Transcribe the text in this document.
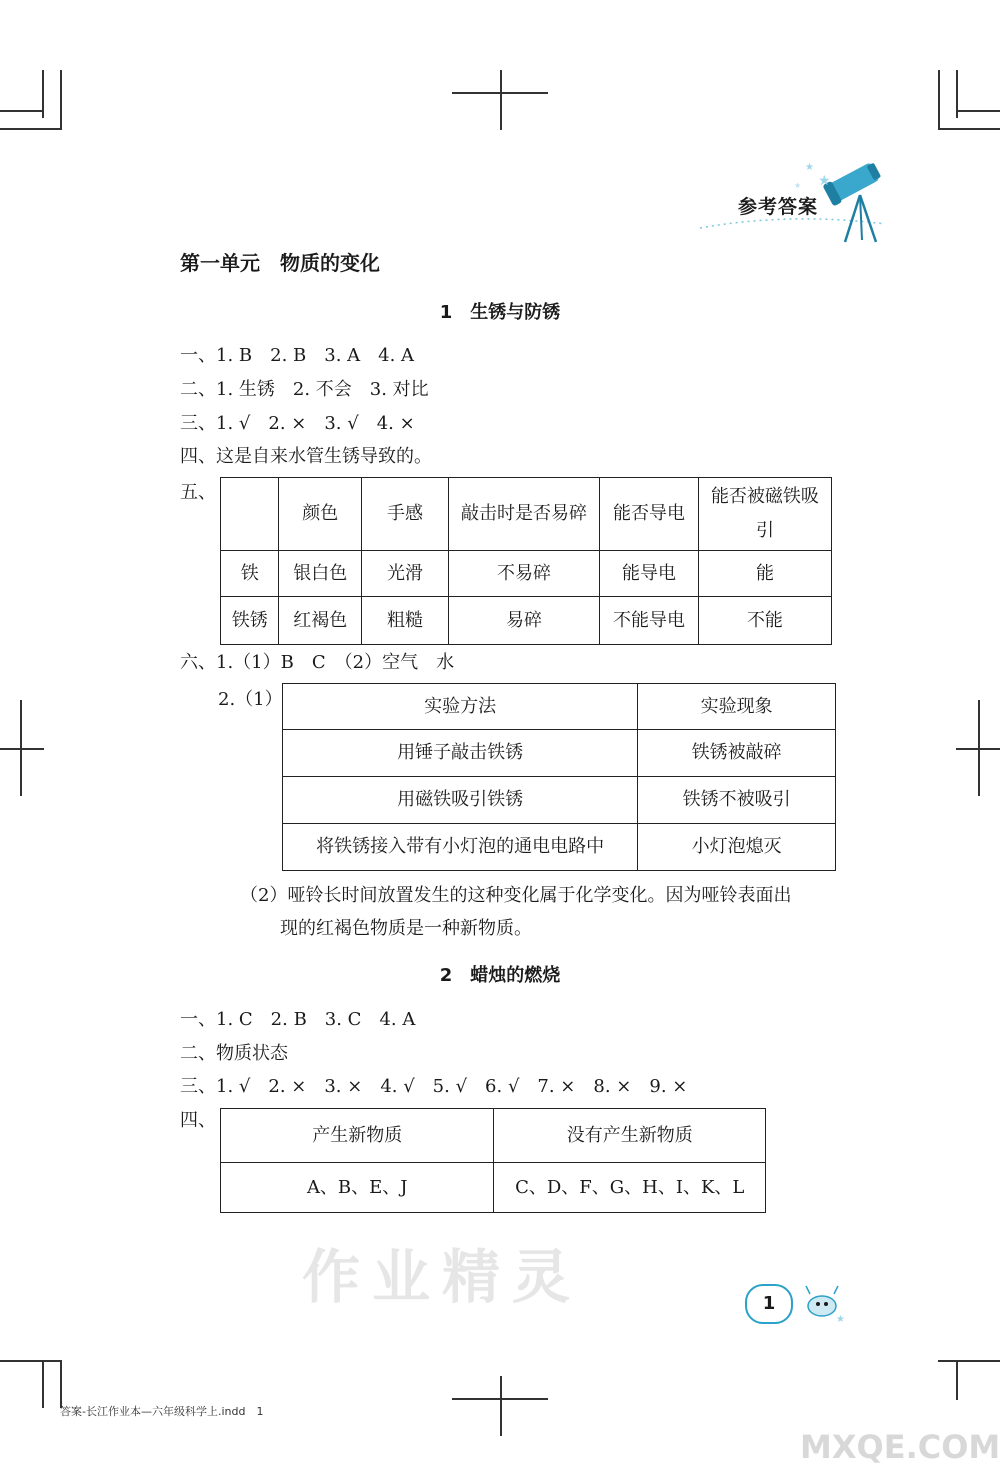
★
★
★
参考答案
第一单元　物质的变化
1　生锈与防锈
一、1. B　2. B　3. A　4. A
二、1. 生锈　2. 不会　3. 对比
三、1. √　2. ×　3. √　4. ×
四、这是自来水管生锈导致的。
五、
	颜色	手感	敲击时是否易碎	能否导电	能否被磁铁吸引
铁	银白色	光滑	不易碎	能导电	能
铁锈	红褐色	粗糙	易碎	不能导电	不能
六、1.（1）B　C　（2）空气　水
2.（1）	实验方法	实验现象
用锤子敲击铁锈	铁锈被敲碎
用磁铁吸引铁锈	铁锈不被吸引
将铁锈接入带有小灯泡的通电电路中	小灯泡熄灭
（2）哑铃长时间放置发生的这种变化属于化学变化。因为哑铃表面出
现的红褐色物质是一种新物质。
2　蜡烛的燃烧
一、1. C　2. B　3. C　4. A
二、物质状态
三、1. √　2. ×　3. ×　4. √　5. √　6. √　7. ×　8. ×　9. ×
四、
产生新物质	没有产生新物质
A、B、E、J	C、D、F、G、H、I、K、L
作业精灵	1
★
答案-长江作业本—六年级科学上.indd　1
MXQE.COM
